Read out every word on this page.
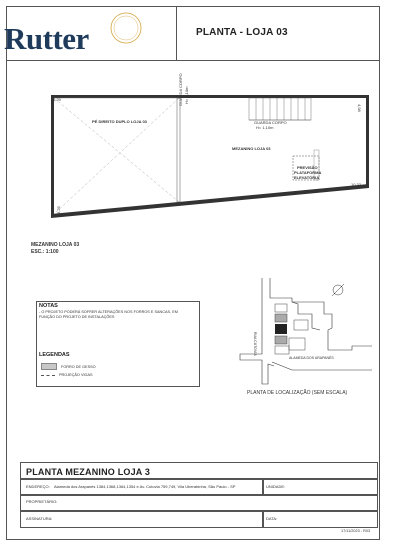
Rutter	PLANTA - LOJA 03
PÉ DIREITO DUPLO LOJA 03
GUARDA CORPO H= 1,10m
GUARDA CORPO
H= 1,10m
MEZANINO LOJA 03
PREVISÃO
PLATAFORMA
ELEVATÓRIA
6,29
6,29
4,98
10,32
MEZANINO LOJA 03
ESC.: 1:100
NOTAS
- O PROJETO PODERÁ SOFRER ALTERAÇÕES NOS FORROS E SANCAS, EM FUNÇÃO DO PROJETO DE INSTALAÇÕES
LEGENDAS
FORRO DE GESSO
PROJEÇÃO VIGAS
RUA CUTOVIA
ALAMEDA DOS ARAPANÉS
PLANTA DE LOCALIZAÇÃO (SEM ESCALA)
PLANTA MEZANINO LOJA 3
ENDEREÇO: Alameda dos Arapanés 1384,1368,1364,1354 e Av. Cutovia 759,749, Vila Uberabinha, São Paulo - SP	UNIDADE:
PROPRIETÁRIO:
ASSINATURA:	DATA:
17/11/2023 - R03
